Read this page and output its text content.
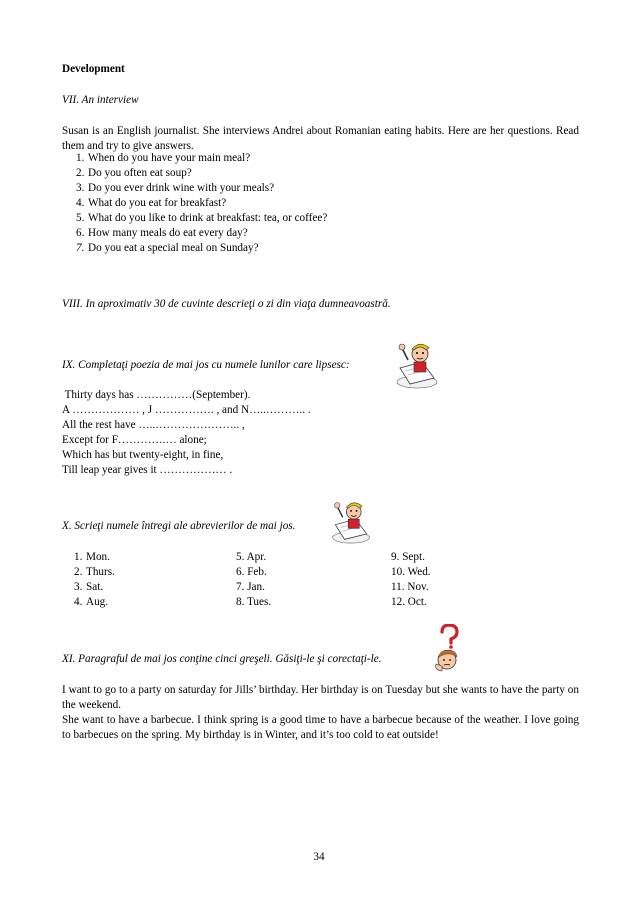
Development
VII. An interview
Susan is an English journalist. She interviews Andrei about Romanian eating habits. Here are her questions. Read them and try to give answers.
1. When do you have your main meal?
2. Do you often eat soup?
3. Do you ever drink wine with your meals?
4. What do you eat for breakfast?
5. What do you like to drink at breakfast: tea, or coffee?
6. How many meals do eat every day?
7. Do you eat a special meal on Sunday?
VIII. In aproximativ 30 de cuvinte descrieţi o zi din viaţa dumneavoastră.
IX. Completaţi poezia de mai jos cu numele lunilor care lipsesc:
Thirty days has ……………(September).
A ……………… , J ……………. , and N…..……….. .
All the rest have …..………………….. ,
Except for F………….… alone;
Which has but twenty-eight, in fine,
Till leap year gives it ……………… .
X. Scrieţi numele întregi ale abrevierilor de mai jos.
1. Mon.	5. Apr.	9. Sept.
2. Thurs.	6. Feb.	10. Wed.
3. Sat.	7. Jan.	11. Nov.
4. Aug.	8. Tues.	12. Oct.
XI. Paragraful de mai jos conţine cinci greşeli. Găsiţi-le şi corectaţi-le.
I want to go to a party on saturday for Jills’ birthday. Her birthday is on Tuesday but she wants to have the party on the weekend.
She want to have a barbecue. I think spring is a good time to have a barbecue because of the weather. I love going to barbecues on the spring. My birthday is in Winter, and it’s too cold to eat outside!
34
